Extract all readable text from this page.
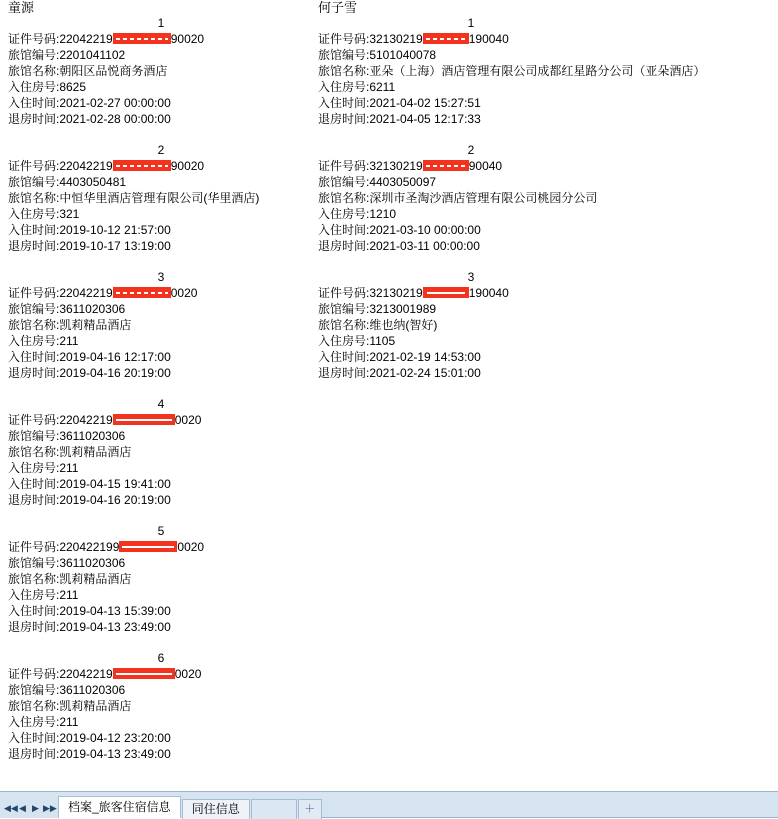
童源
1
证件号码:22042219	90020
旅馆编号:2201041102
旅馆名称:朝阳区品悦商务酒店
入住房号:8625
入住时间:2021-02-27 00:00:00
退房时间:2021-02-28 00:00:00
2
证件号码:22042219	90020
旅馆编号:4403050481
旅馆名称:中恒华里酒店管理有限公司(华里酒店)
入住房号:321
入住时间:2019-10-12 21:57:00
退房时间:2019-10-17 13:19:00
3
证件号码:22042219	0020
旅馆编号:3611020306
旅馆名称:凯莉精品酒店
入住房号:211
入住时间:2019-04-16 12:17:00
退房时间:2019-04-16 20:19:00
4
证件号码:22042219	0020
旅馆编号:3611020306
旅馆名称:凯莉精品酒店
入住房号:211
入住时间:2019-04-15 19:41:00
退房时间:2019-04-16 20:19:00
5
证件号码:220422199	0020
旅馆编号:3611020306
旅馆名称:凯莉精品酒店
入住房号:211
入住时间:2019-04-13 15:39:00
退房时间:2019-04-13 23:49:00
6
证件号码:22042219	0020
旅馆编号:3611020306
旅馆名称:凯莉精品酒店
入住房号:211
入住时间:2019-04-12 23:20:00
退房时间:2019-04-13 23:49:00
何子雪
1
证件号码:32130219	190040
旅馆编号:5101040078
旅馆名称:亚朵（上海）酒店管理有限公司成都红星路分公司（亚朵酒店）
入住房号:6211
入住时间:2021-04-02 15:27:51
退房时间:2021-04-05 12:17:33
2
证件号码:32130219	90040
旅馆编号:4403050097
旅馆名称:深圳市圣淘沙酒店管理有限公司桃园分公司
入住房号:1210
入住时间:2021-03-10 00:00:00
退房时间:2021-03-11 00:00:00
3
证件号码:32130219	190040
旅馆编号:3213001989
旅馆名称:维也纳(智好)
入住房号:1105
入住时间:2021-02-19 14:53:00
退房时间:2021-02-24 15:01:00
◀◀ ◀ ▶ ▶▶ 档案_旅客住宿信息	同住信息	＋
